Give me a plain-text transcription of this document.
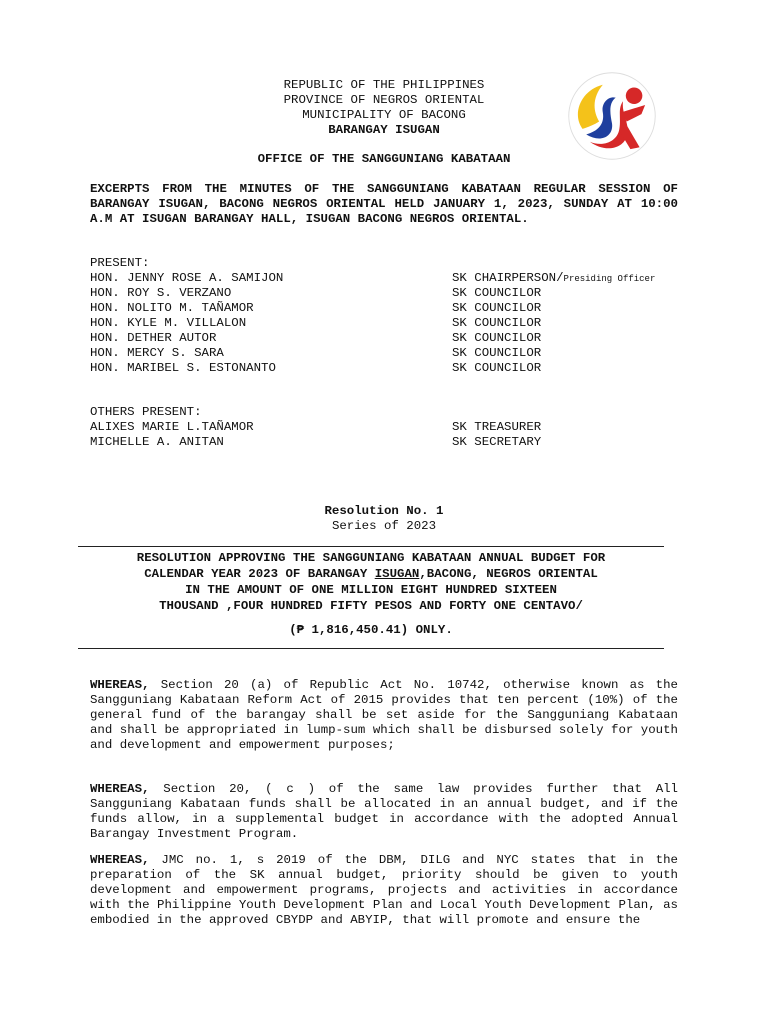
REPUBLIC OF THE PHILIPPINES
PROVINCE OF NEGROS ORIENTAL
MUNICIPALITY OF BACONG
BARANGAY ISUGAN
OFFICE OF THE SANGGUNIANG KABATAAN
EXCERPTS FROM THE MINUTES OF THE SANGGUNIANG KABATAAN REGULAR SESSION OF BARANGAY ISUGAN, BACONG NEGROS ORIENTAL HELD JANUARY 1, 2023, SUNDAY AT 10:00 A.M AT ISUGAN BARANGAY HALL, ISUGAN BACONG NEGROS ORIENTAL.
PRESENT:
HON. JENNY ROSE A. SAMIJON	SK CHAIRPERSON/Presiding Officer
HON. ROY S. VERZANO	SK COUNCILOR
HON. NOLITO M. TAÑAMOR	SK COUNCILOR
HON. KYLE M. VILLALON	SK COUNCILOR
HON. DETHER AUTOR	SK COUNCILOR
HON. MERCY S. SARA	SK COUNCILOR
HON. MARIBEL S. ESTONANTO	SK COUNCILOR
OTHERS PRESENT:
ALIXES MARIE L.TAÑAMOR	SK TREASURER
MICHELLE A. ANITAN	SK SECRETARY
Resolution No. 1
Series of 2023
RESOLUTION APPROVING THE SANGGUNIANG KABATAAN ANNUAL BUDGET FOR
CALENDAR YEAR 2023 OF BARANGAY ISUGAN,BACONG, NEGROS ORIENTAL
IN THE AMOUNT OF ONE MILLION EIGHT HUNDRED SIXTEEN
THOUSAND ,FOUR HUNDRED FIFTY PESOS AND FORTY ONE CENTAVO/
(₱ 1,816,450.41) ONLY.
WHEREAS, Section 20 (a) of Republic Act No. 10742, otherwise known as the Sangguniang Kabataan Reform Act of 2015 provides that ten percent (10%) of the general fund of the barangay shall be set aside for the Sangguniang Kabataan and shall be appropriated in lump-sum which shall be disbursed solely for youth and development and empowerment purposes;
WHEREAS, Section 20, ( c ) of the same law provides further that All Sangguniang Kabataan funds shall be allocated in an annual budget, and if the funds allow, in a supplemental budget in accordance with the adopted Annual Barangay Investment Program.
WHEREAS, JMC no. 1, s 2019 of the DBM, DILG and NYC states that in the preparation of the SK annual budget, priority should be given to youth development and empowerment programs, projects and activities in accordance with the Philippine Youth Development Plan and Local Youth Development Plan, as embodied in the approved CBYDP and ABYIP, that will promote and ensure the
